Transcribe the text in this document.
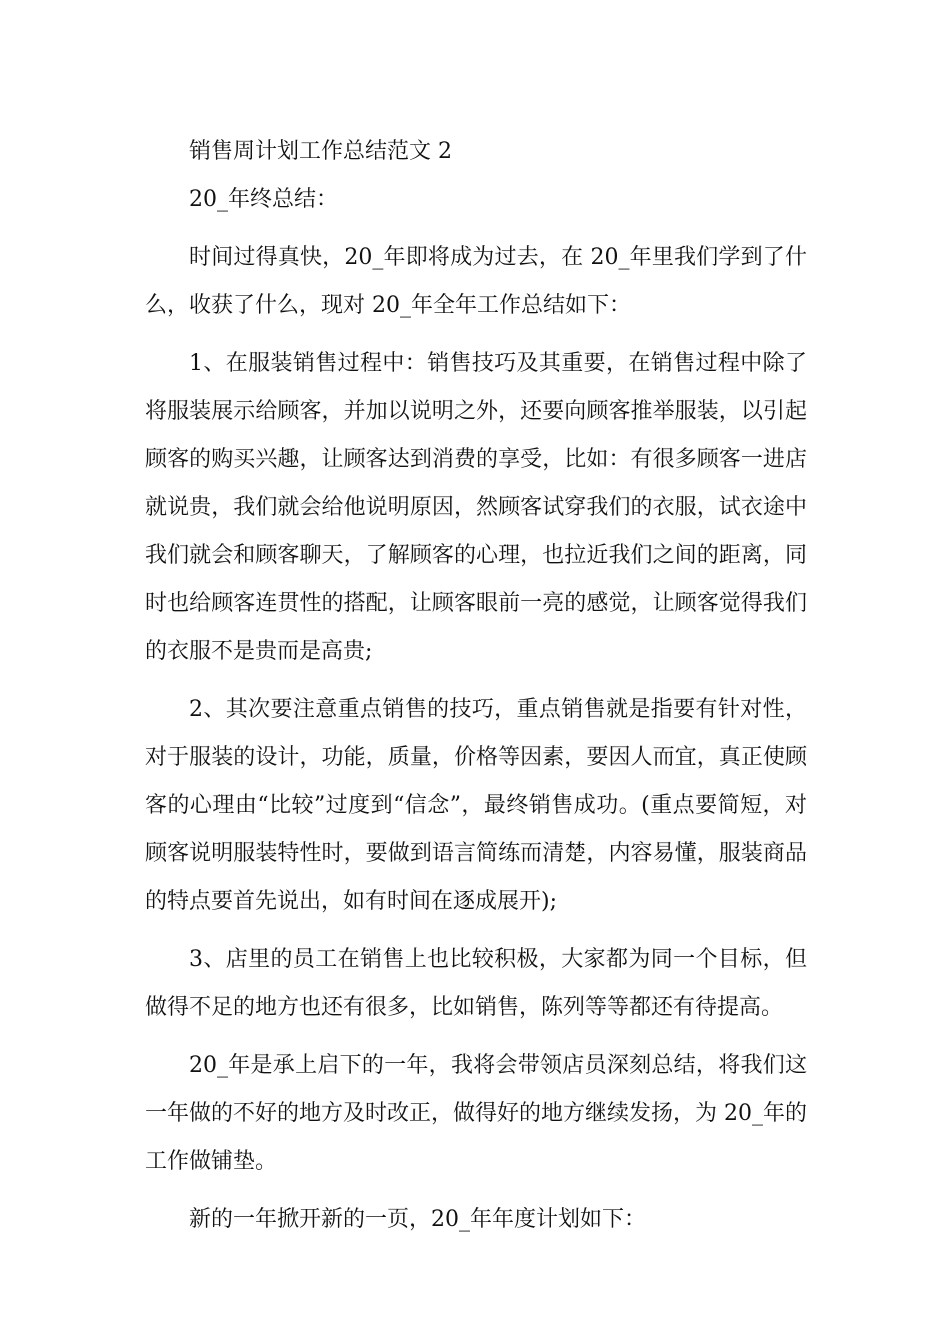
销售周计划工作总结范文 2

20_年终总结：

时间过得真快，20_年即将成为过去，在 20_年里我们学到了什么，收获了什么，现对 20_年全年工作总结如下：

1、在服装销售过程中：销售技巧及其重要，在销售过程中除了将服装展示给顾客，并加以说明之外，还要向顾客推举服装，以引起顾客的购买兴趣，让顾客达到消费的享受，比如：有很多顾客一进店就说贵，我们就会给他说明原因，然顾客试穿我们的衣服，试衣途中我们就会和顾客聊天，了解顾客的心理，也拉近我们之间的距离，同时也给顾客连贯性的搭配，让顾客眼前一亮的感觉，让顾客觉得我们的衣服不是贵而是高贵;

2、其次要注意重点销售的技巧，重点销售就是指要有针对性，对于服装的设计，功能，质量，价格等因素，要因人而宜，真正使顾客的心理由“比较”过度到“信念”，最终销售成功。(重点要简短，对顾客说明服装特性时，要做到语言简练而清楚，内容易懂，服装商品的特点要首先说出，如有时间在逐成展开);

3、店里的员工在销售上也比较积极，大家都为同一个目标，但做得不足的地方也还有很多，比如销售，陈列等等都还有待提高。

20_年是承上启下的一年，我将会带领店员深刻总结，将我们这一年做的不好的地方及时改正，做得好的地方继续发扬，为 20_年的工作做铺垫。

新的一年掀开新的一页，20_年年度计划如下：
